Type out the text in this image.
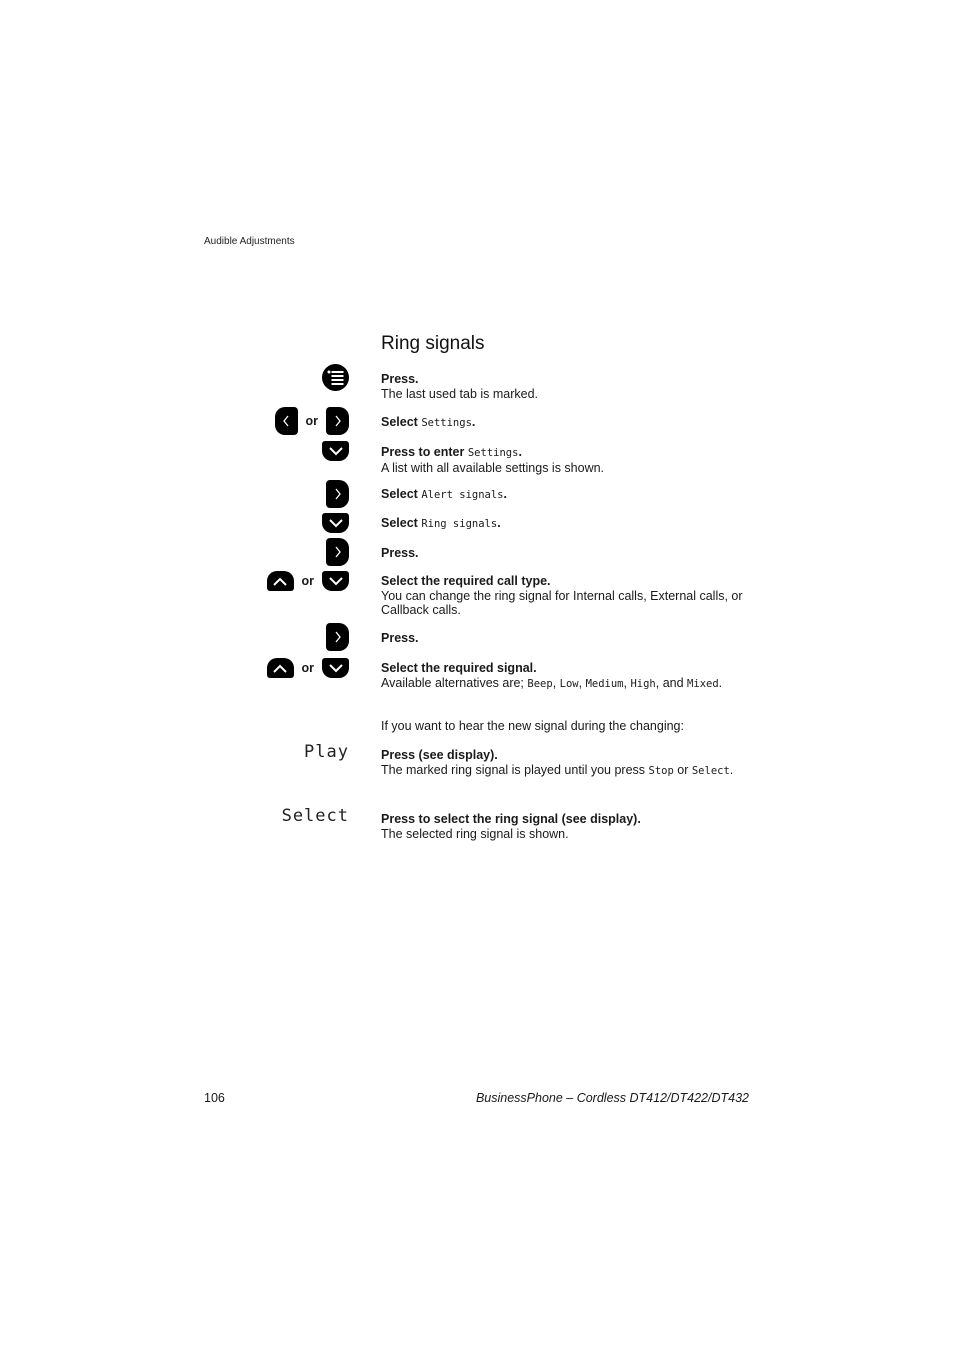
Audible Adjustments
Ring signals
Press.
The last used tab is marked.
or	Select Settings.
Press to enter Settings.
A list with all available settings is shown.
Select Alert signals.
Select Ring signals.
Press.
or	Select the required call type.
You can change the ring signal for Internal calls, External calls, or Callback calls.
Press.
or	Select the required signal.
Available alternatives are; Beep, Low, Medium, High, and Mixed.
If you want to hear the new signal during the changing:
Play	Press (see display).
The marked ring signal is played until you press Stop or Select.
Select	Press to select the ring signal (see display).
The selected ring signal is shown.
106	BusinessPhone – Cordless DT412/DT422/DT432
